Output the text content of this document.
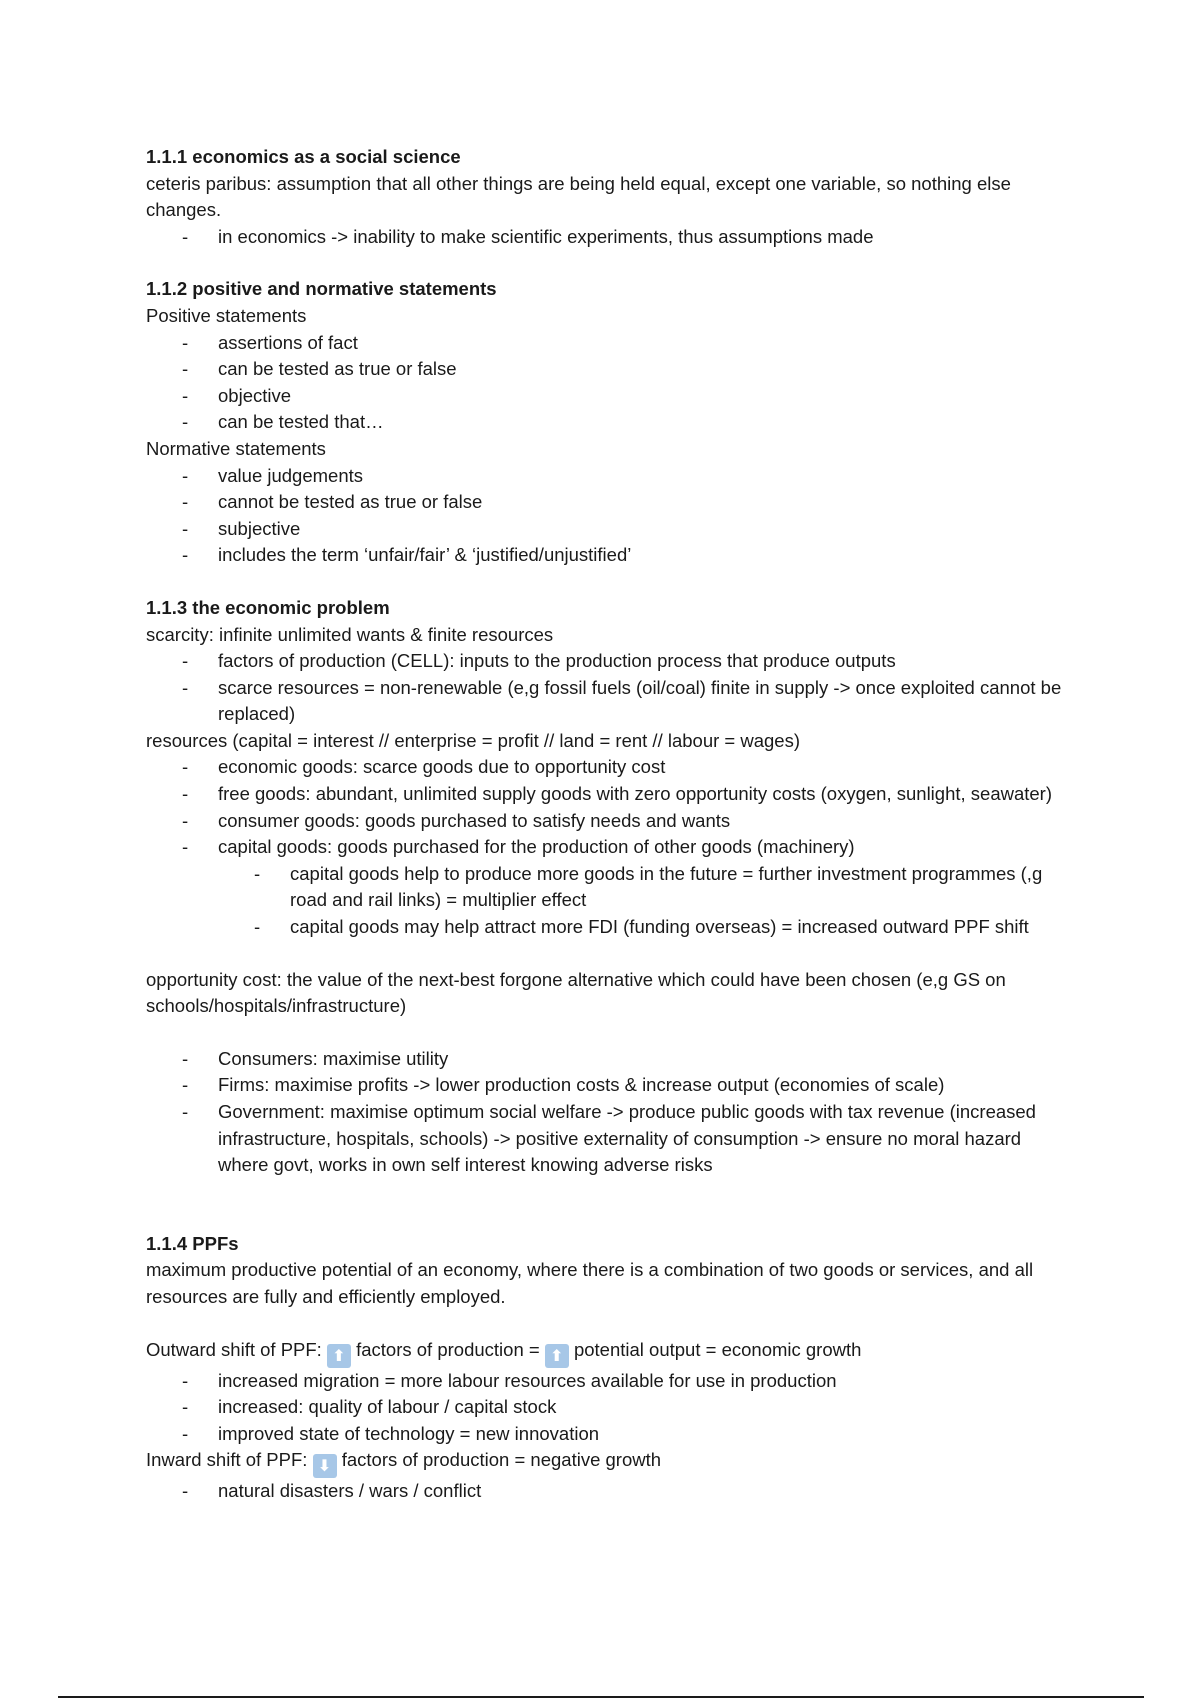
1.1.1 economics as a social science

ceteris paribus: assumption that all other things are being held equal, except one variable, so nothing else changes.

- in economics -> inability to make scientific experiments, thus assumptions made
1.1.2 positive and normative statements

Positive statements

- assertions of fact
- can be tested as true or false
- objective
- can be tested that…

Normative statements

- value judgements
- cannot be tested as true or false
- subjective
- includes the term ‘unfair/fair’ & ‘justified/unjustified’
1.1.3 the economic problem

scarcity: infinite unlimited wants & finite resources

- factors of production (CELL): inputs to the production process that produce outputs
- scarce resources = non-renewable (e,g fossil fuels (oil/coal) finite in supply -> once exploited cannot be replaced)

resources (capital = interest // enterprise = profit // land = rent // labour = wages)

- economic goods: scarce goods due to opportunity cost
- free goods: abundant, unlimited supply goods with zero opportunity costs (oxygen, sunlight, seawater)
- consumer goods: goods purchased to satisfy needs and wants
- capital goods: goods purchased for the production of other goods (machinery)
- capital goods help to produce more goods in the future = further investment programmes (,g road and rail links) = multiplier effect
- capital goods may help attract more FDI (funding overseas) = increased outward PPF shift

opportunity cost: the value of the next-best forgone alternative which could have been chosen (e,g GS on schools/hospitals/infrastructure)

- Consumers: maximise utility
- Firms: maximise profits -> lower production costs & increase output (economies of scale)
- Government: maximise optimum social welfare -> produce public goods with tax revenue (increased infrastructure, hospitals, schools) -> positive externality of consumption -> ensure no moral hazard where govt, works in own self interest knowing adverse risks
1.1.4 PPFs

maximum productive potential of an economy, where there is a combination of two goods or services, and all resources are fully and efficiently employed.

Outward shift of PPF: ⬆ factors of production = ⬆ potential output = economic growth

- increased migration = more labour resources available for use in production
- increased: quality of labour / capital stock
- improved state of technology = new innovation

Inward shift of PPF: ⬇ factors of production = negative growth

- natural disasters / wars / conflict
